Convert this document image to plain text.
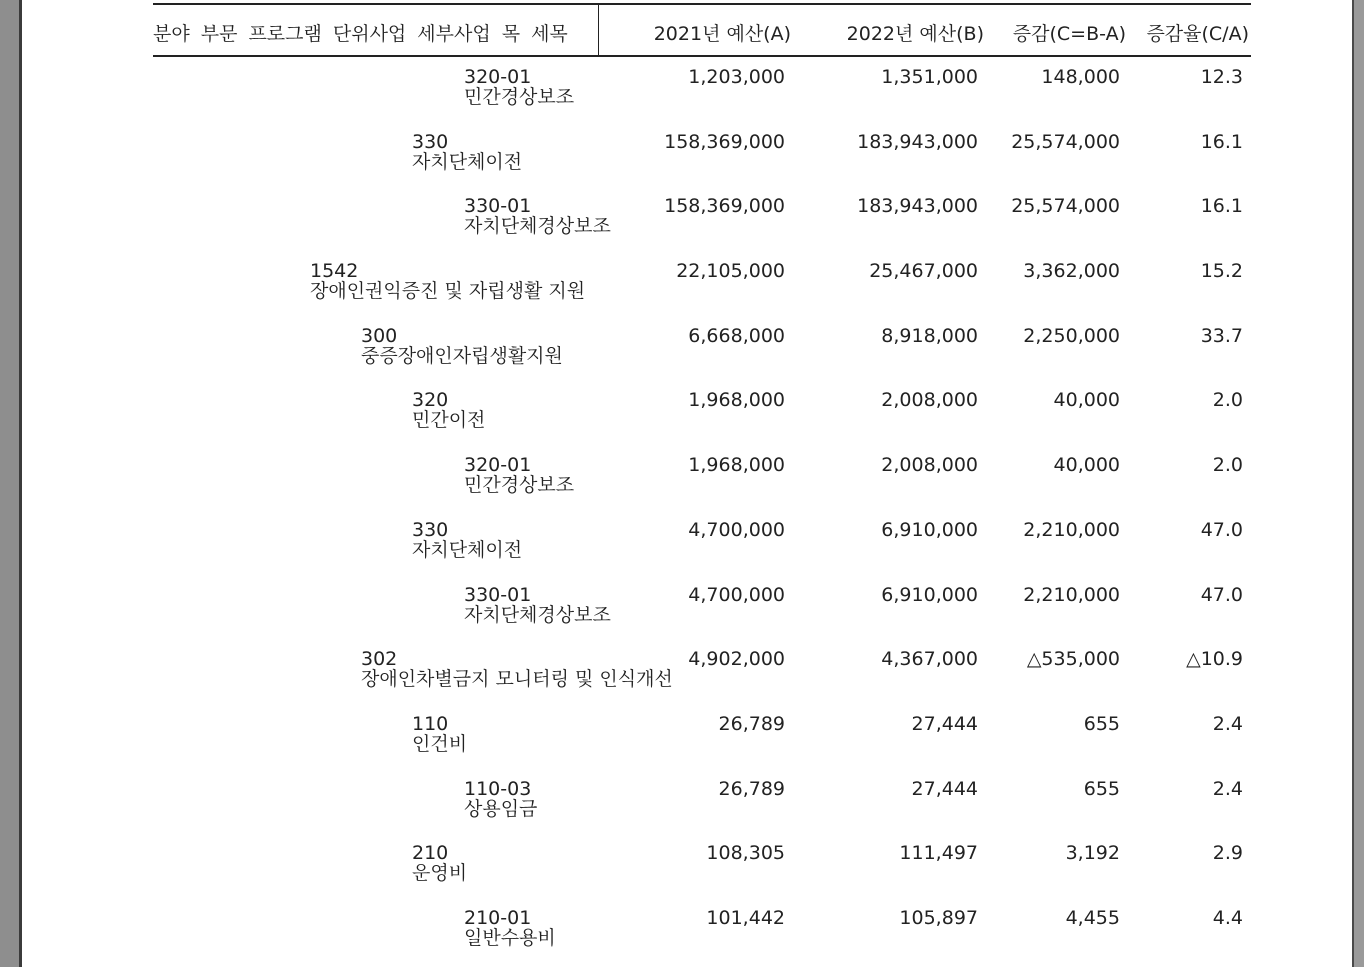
분야 부문 프로그램 단위사업 세부사업 목 세목	2021년 예산(A)	2022년 예산(B) 증감(C=B-A) 증감율(C/A)
320-01
민간경상보조
1,203,000	1,351,000	148,000	12.3
330
자치단체이전
158,369,000	183,943,000 25,574,000	16.1
330-01
자치단체경상보조
158,369,000	183,943,000 25,574,000	16.1
1542
장애인권익증진 및 자립생활 지원
22,105,000	25,467,000 3,362,000	15.2
300
중증장애인자립생활지원
6,668,000	8,918,000 2,250,000	33.7
320
민간이전
1,968,000	2,008,000	40,000	2.0
320-01
민간경상보조
1,968,000	2,008,000	40,000	2.0
330
자치단체이전
4,700,000	6,910,000 2,210,000	47.0
330-01
자치단체경상보조
4,700,000	6,910,000 2,210,000	47.0
302
장애인차별금지 모니터링 및 인식개선
4,902,000	4,367,000	△535,000	△10.9
110
인건비
26,789	27,444	655	2.4
110-03
상용임금
26,789	27,444	655	2.4
210
운영비
108,305	111,497	3,192	2.9
210-01
일반수용비
101,442	105,897	4,455	4.4
